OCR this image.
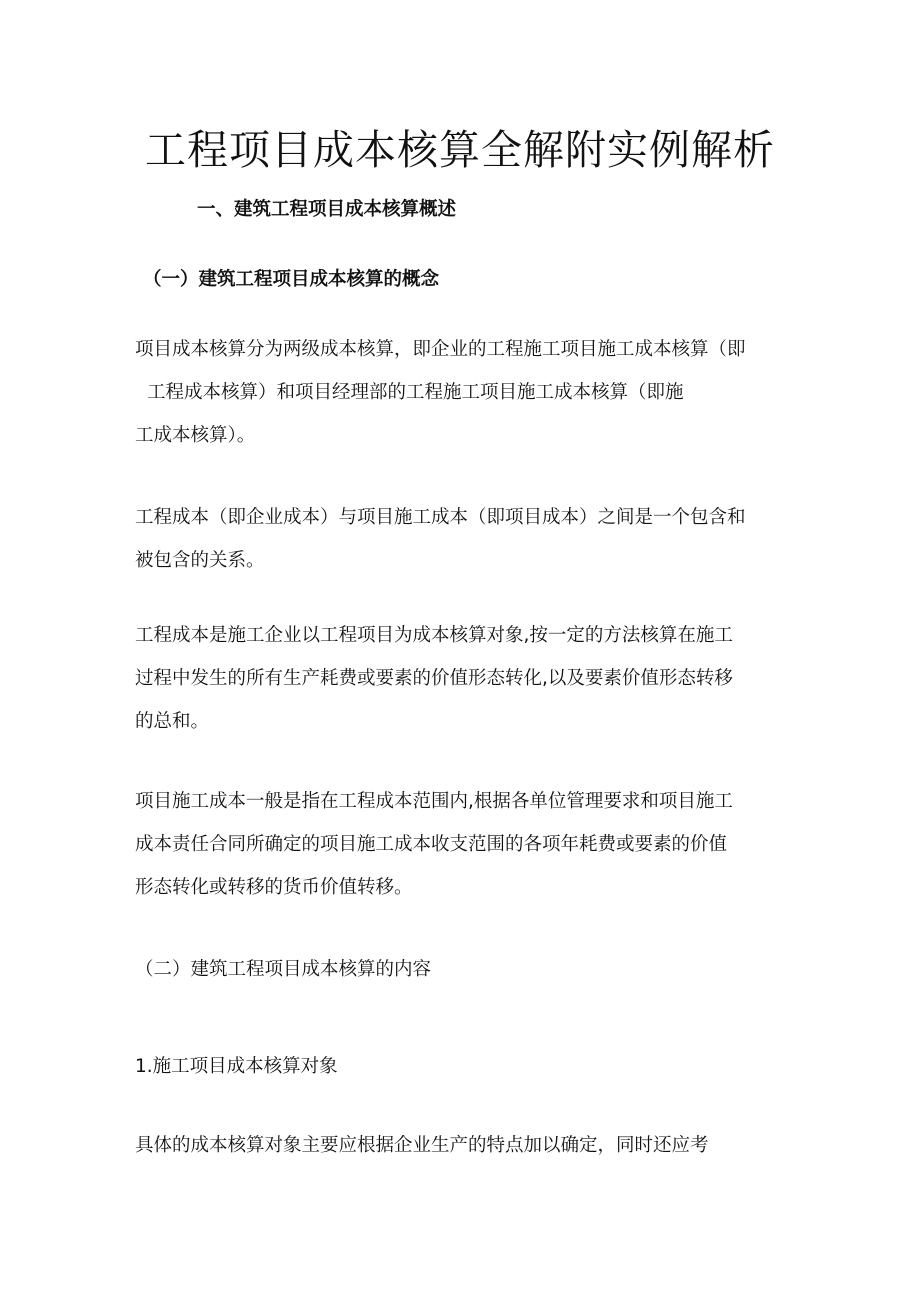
工程项目成本核算全解附实例解析
一、建筑工程项目成本核算概述
（一）建筑工程项目成本核算的概念
项目成本核算分为两级成本核算，即企业的工程施工项目施工成本核算（即
工程成本核算）和项目经理部的工程施工项目施工成本核算（即施
工成本核算）。
工程成本（即企业成本）与项目施工成本（即项目成本）之间是一个包含和
被包含的关系。
工程成本是施工企业以工程项目为成本核算对象,按一定的方法核算在施工
过程中发生的所有生产耗费或要素的价值形态转化,以及要素价值形态转移
的总和。
项目施工成本一般是指在工程成本范围内,根据各单位管理要求和项目施工
成本责任合同所确定的项目施工成本收支范围的各项年耗费或要素的价值
形态转化或转移的货币价值转移。
（二）建筑工程项目成本核算的内容
1.施工项目成本核算对象
具体的成本核算对象主要应根据企业生产的特点加以确定，同时还应考
